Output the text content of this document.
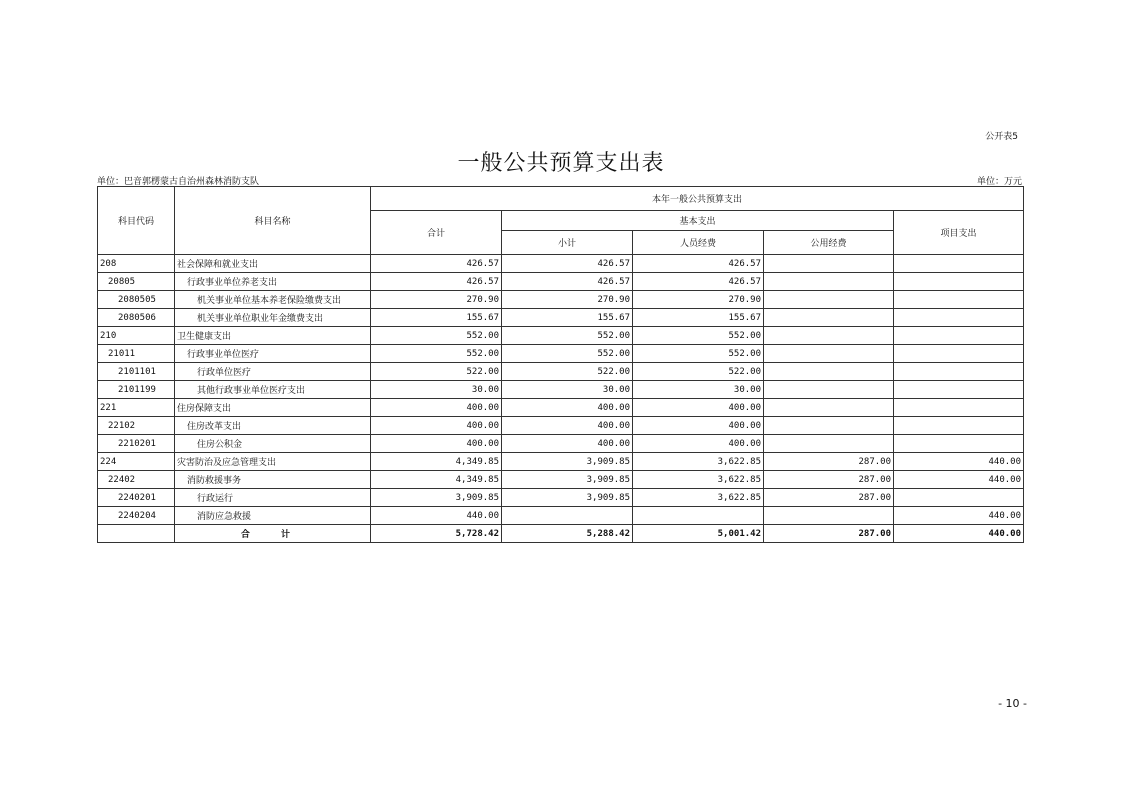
公开表5
一般公共预算支出表
单位：巴音郭楞蒙古自治州森林消防支队	单位：万元
科目代码	科目名称	本年一般公共预算支出				
		合计	基本支出			项目支出
			小计	人员经费	公用经费	
208	社会保障和就业支出	426.57	426.57	426.57		
20805	行政事业单位养老支出	426.57	426.57	426.57		
2080505	机关事业单位基本养老保险缴费支出	270.90	270.90	270.90		
2080506	机关事业单位职业年金缴费支出	155.67	155.67	155.67		
210	卫生健康支出	552.00	552.00	552.00		
21011	行政事业单位医疗	552.00	552.00	552.00		
2101101	行政单位医疗	522.00	522.00	522.00		
2101199	其他行政事业单位医疗支出	30.00	30.00	30.00		
221	住房保障支出	400.00	400.00	400.00		
22102	住房改革支出	400.00	400.00	400.00		
2210201	住房公积金	400.00	400.00	400.00		
224	灾害防治及应急管理支出	4,349.85	3,909.85	3,622.85	287.00	440.00
22402	消防救援事务	4,349.85	3,909.85	3,622.85	287.00	440.00
2240201	行政运行	3,909.85	3,909.85	3,622.85	287.00	
2240204	消防应急救援	440.00				440.00
	合 计	5,728.42	5,288.42	5,001.42	287.00	440.00
- 10 -
